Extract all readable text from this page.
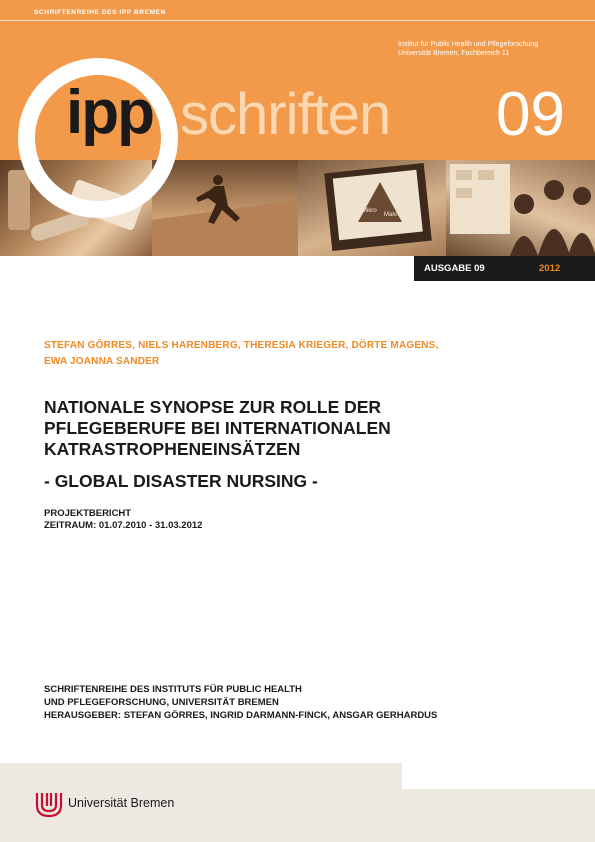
SCHRIFTENREIHE DES IPP BREMEN
Institut für Public Health und Pflegeforschung
Universität Bremen, Fachbereich 11
ipp schriften 09
Mikro
Makro
AUSGABE 09	2012
STEFAN GÖRRES, NIELS HARENBERG, THERESIA KRIEGER, DÖRTE MAGENS,
EWA JOANNA SANDER
NATIONALE SYNOPSE ZUR ROLLE DER
PFLEGEBERUFE BEI INTERNATIONALEN
KATRASTROPHENEINSÄTZEN
- GLOBAL DISASTER NURSING -
PROJEKTBERICHT
ZEITRAUM: 01.07.2010 - 31.03.2012
SCHRIFTENREIHE DES INSTITUTS FÜR PUBLIC HEALTH
UND PFLEGEFORSCHUNG, UNIVERSITÄT BREMEN
HERAUSGEBER: STEFAN GÖRRES, INGRID DARMANN-FINCK, ANSGAR GERHARDUS
Universität Bremen
